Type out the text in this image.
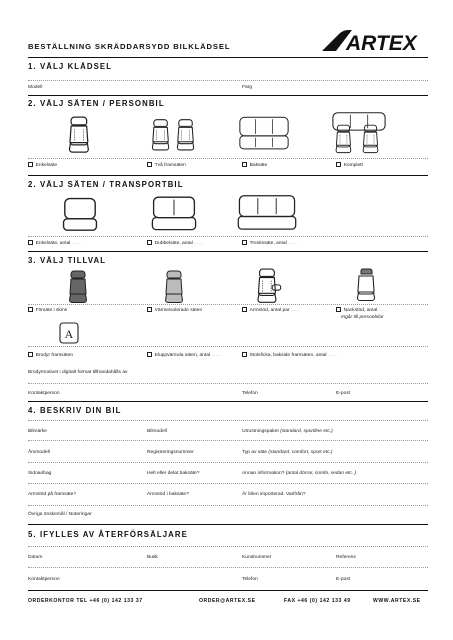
BESTÄLLNING SKRÄDDARSYDD BILKLÄDSEL	ARTEX
1. VÄLJ KLÄDSEL
Modell	Färg
2. VÄLJ SÄTEN / PERSONBIL
Enkelsäte	Två framsäten	Baksäte	Komplett
2. VÄLJ SÄTEN / TRANSPORTBIL
Enkelsäte, antal .......	Dubbelsäte, antal .......	Tresitssäte, antal .......
3. VÄLJ TILLVAL
Försäte i skinn	Värmeisolerade säten	Armstöd, antal par .......	Nackstöd, antal ......
Ingår till personbilar
A
Brodyr framsäten	Eluppvärmda säten, antal .......	Stolsficka, bakside framsäten, antal .......
Brodyrmotivet i digitalt format tillhandahålls av
Kontaktperson	Telefon	E-post
4. BESKRIV DIN BIL
Bilmärke	Bilmodell	Utrustningspaket (standard, sportline etc.)
Årsmodell	Registreringsnummer	Typ av säte (standard, comfort, sport etc.)
Sidoairbag	Helt eller delat baksäte?	Annan information? (antal dörrar, combi, sedan etc. )
Armstöd på framsäte?	Armstöd i baksäte?	Är bilen importerad. Varifrån?
Övriga önskemål / Noteringar
5. IFYLLES AV ÅTERFÖRSÄLJARE
Datum	Butik	Kundnummer	Referens
Kontaktperson	Telefon	E-post
ORDERKONTOR TEL +46 (0) 142 133 37	ORDER@ARTEX.SE	FAX +46 (0) 142 133 49	WWW.ARTEX.SE
